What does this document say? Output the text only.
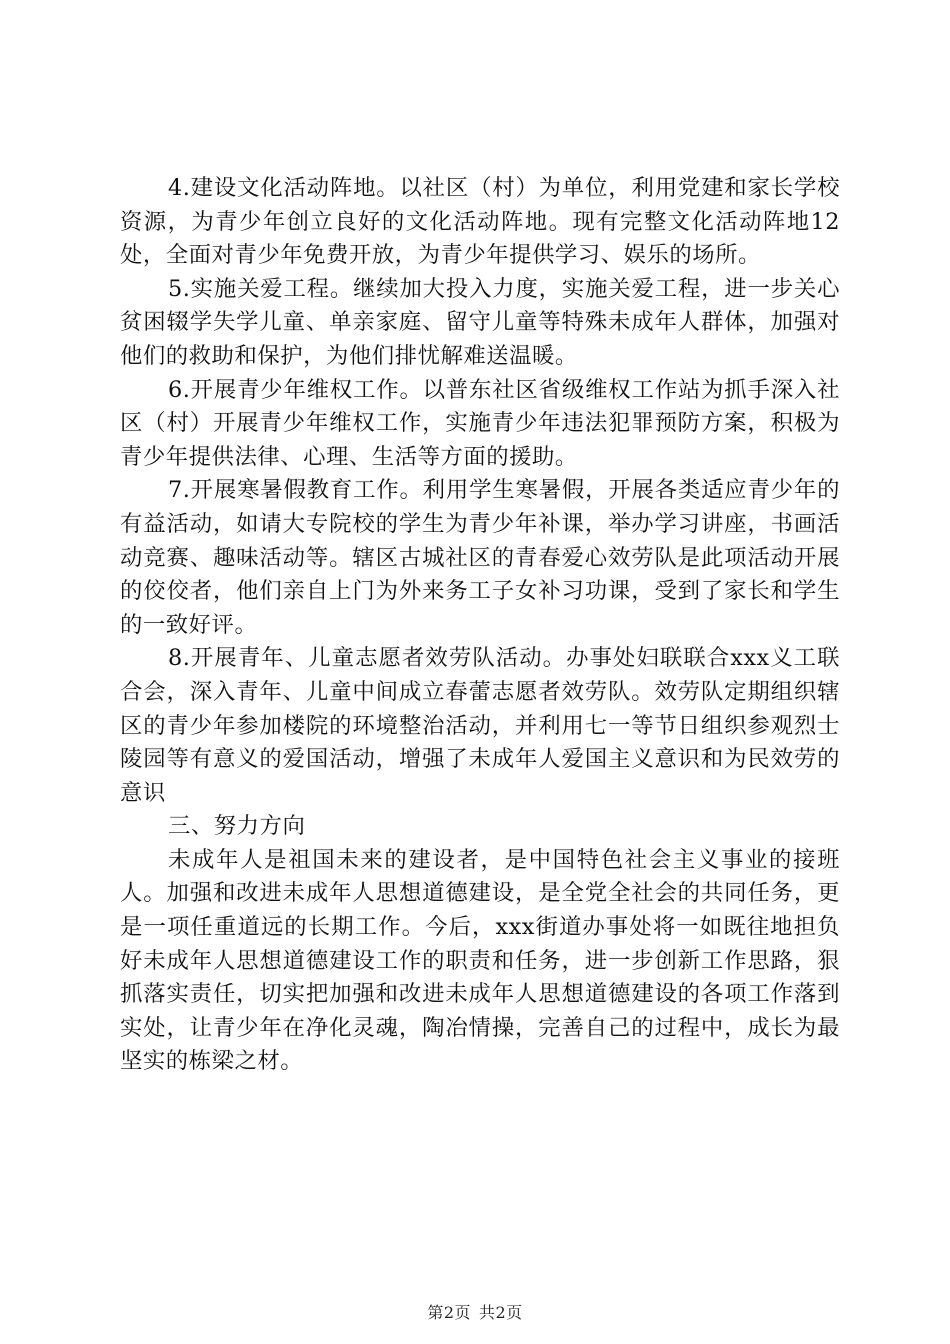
4.建设文化活动阵地。以社区（村）为单位，利用党建和家长学校资源，为青少年创立良好的文化活动阵地。现有完整文化活动阵地12处，全面对青少年免费开放，为青少年提供学习、娱乐的场所。

5.实施关爱工程。继续加大投入力度，实施关爱工程，进一步关心贫困辍学失学儿童、单亲家庭、留守儿童等特殊未成年人群体，加强对他们的救助和保护，为他们排忧解难送温暖。

6.开展青少年维权工作。以普东社区省级维权工作站为抓手深入社区（村）开展青少年维权工作，实施青少年违法犯罪预防方案，积极为青少年提供法律、心理、生活等方面的援助。

7.开展寒暑假教育工作。利用学生寒暑假，开展各类适应青少年的有益活动，如请大专院校的学生为青少年补课，举办学习讲座，书画活动竞赛、趣味活动等。辖区古城社区的青春爱心效劳队是此项活动开展的佼佼者，他们亲自上门为外来务工子女补习功课，受到了家长和学生的一致好评。

8.开展青年、儿童志愿者效劳队活动。办事处妇联联合xxx义工联合会，深入青年、儿童中间成立春蕾志愿者效劳队。效劳队定期组织辖区的青少年参加楼院的环境整治活动，并利用七一等节日组织参观烈士陵园等有意义的爱国活动，增强了未成年人爱国主义意识和为民效劳的意识

三、努力方向

未成年人是祖国未来的建设者，是中国特色社会主义事业的接班人。加强和改进未成年人思想道德建设，是全党全社会的共同任务，更是一项任重道远的长期工作。今后，xxx街道办事处将一如既往地担负好未成年人思想道德建设工作的职责和任务，进一步创新工作思路，狠抓落实责任，切实把加强和改进未成年人思想道德建设的各项工作落到实处，让青少年在净化灵魂，陶冶情操，完善自己的过程中，成长为最坚实的栋梁之材。

第2页 共2页
